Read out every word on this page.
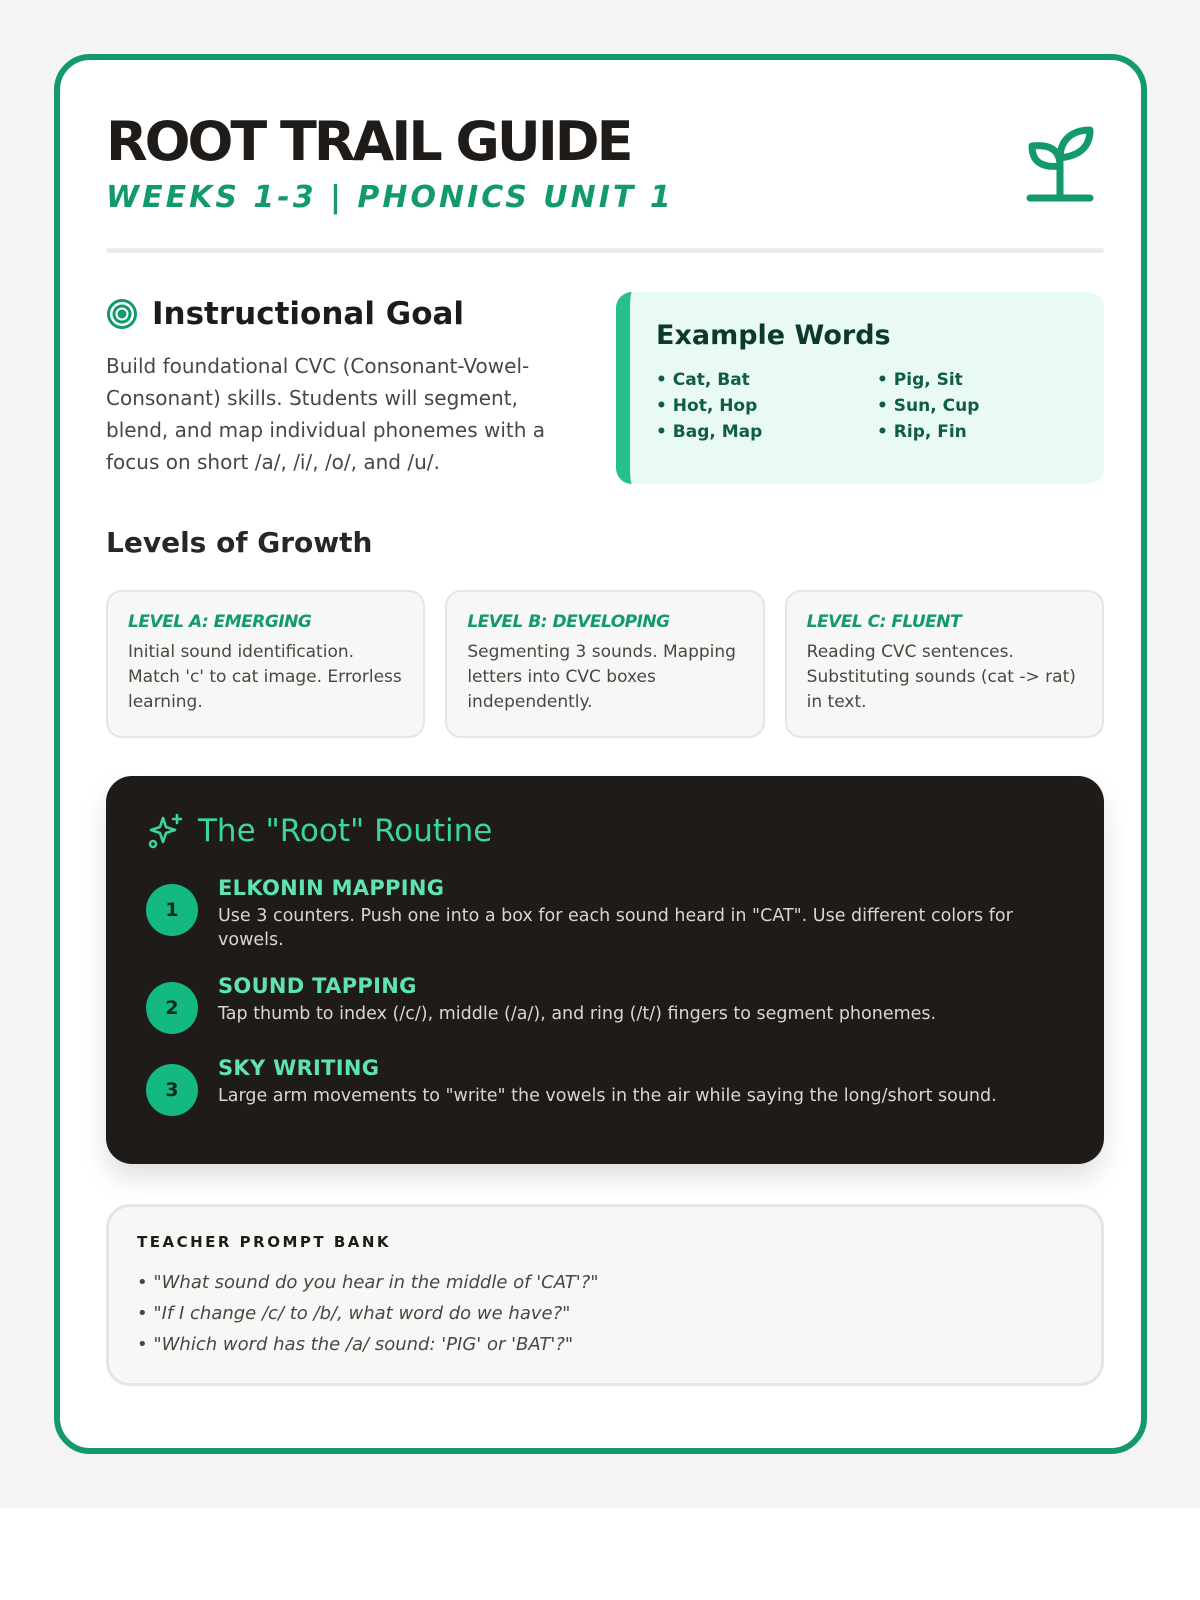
ROOT TRAIL GUIDE
WEEKS 1-3 | PHONICS UNIT 1
Instructional Goal
Build foundational CVC (Consonant-Vowel-Consonant) skills. Students will segment, blend, and map individual phonemes with a focus on short /a/, /i/, /o/, and /u/.
Example Words
• Cat, Bat	• Pig, Sit
• Hot, Hop	• Sun, Cup
• Bag, Map	• Rip, Fin
Levels of Growth
LEVEL A: EMERGING
Initial sound identification. Match 'c' to cat image. Errorless learning.
LEVEL B: DEVELOPING
Segmenting 3 sounds. Mapping letters into CVC boxes independently.
LEVEL C: FLUENT
Reading CVC sentences. Substituting sounds (cat -> rat) in text.
The "Root" Routine
1
ELKONIN MAPPING
Use 3 counters. Push one into a box for each sound heard in "CAT". Use different colors for vowels.
2
SOUND TAPPING
Tap thumb to index (/c/), middle (/a/), and ring (/t/) fingers to segment phonemes.
3
SKY WRITING
Large arm movements to "write" the vowels in the air while saying the long/short sound.
TEACHER PROMPT BANK
• "What sound do you hear in the middle of 'CAT'?"
• "If I change /c/ to /b/, what word do we have?"
• "Which word has the /a/ sound: 'PIG' or 'BAT'?"
